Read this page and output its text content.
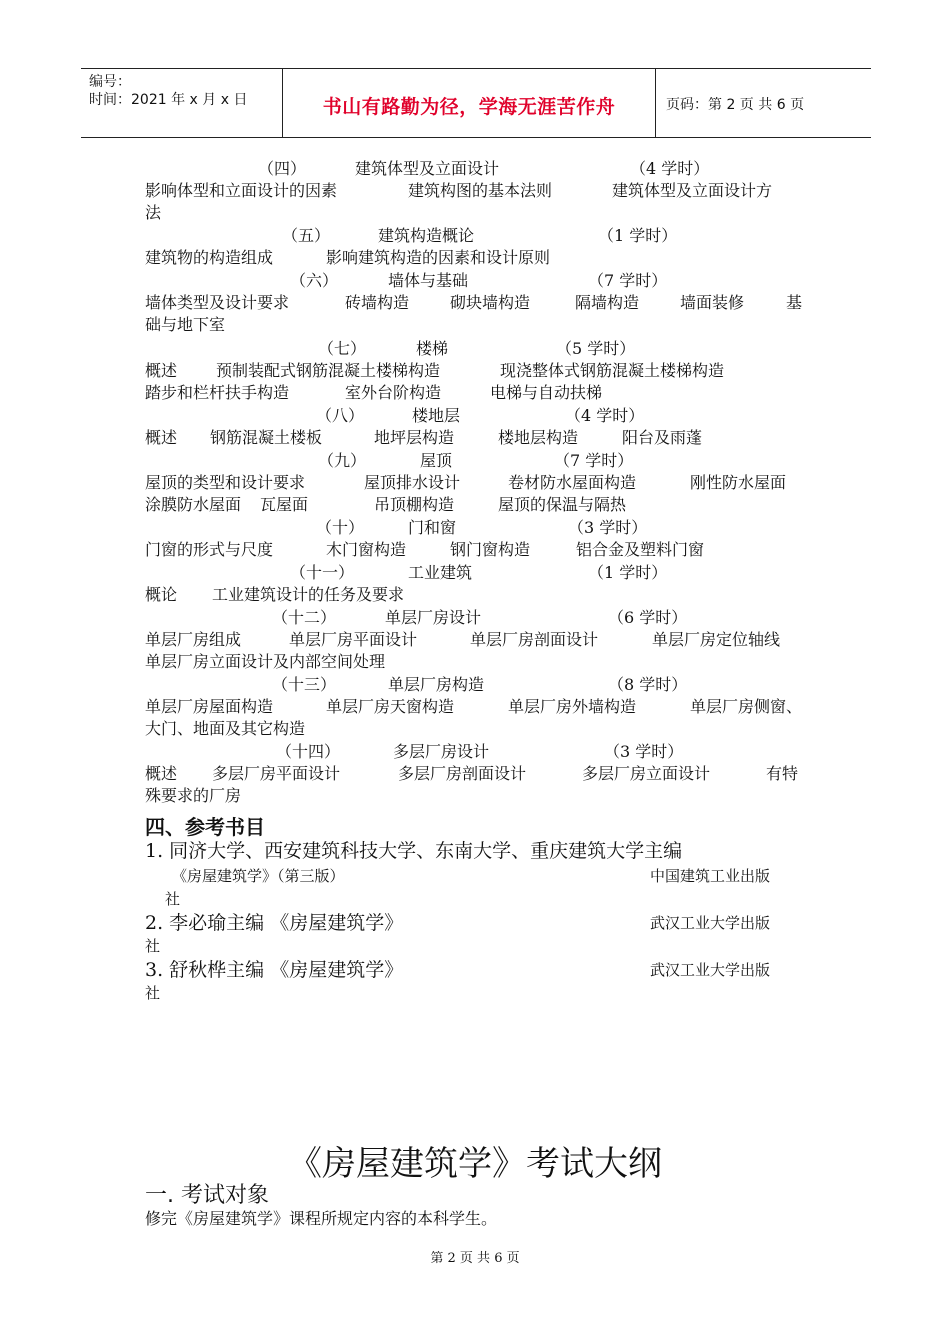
编号：
时间：2021 年 x 月 x 日	书山有路勤为径，学海无涯苦作舟	页码：第 2 页 共 6 页
（四）	建筑体型及立面设计	（4 学时）
影响体型和立面设计的因素	建筑构图的基本法则	建筑体型及立面设计方
法
（五）	建筑构造概论	（1 学时）
建筑物的构造组成	影响建筑构造的因素和设计原则
（六）	墙体与基础	（7 学时）
墙体类型及设计要求	砖墙构造	砌块墙构造	隔墙构造	墙面装修	基
础与地下室
（七）	楼梯	（5 学时）
概述 预制装配式钢筋混凝土楼梯构造	现浇整体式钢筋混凝土楼梯构造
踏步和栏杆扶手构造	室外台阶构造	电梯与自动扶梯
（八）	楼地层	（4 学时）
概述 钢筋混凝土楼板	地坪层构造	楼地层构造	阳台及雨蓬
（九）	屋顶	（7 学时）
屋顶的类型和设计要求	屋顶排水设计	卷材防水屋面构造	刚性防水屋面
涂膜防水屋面 瓦屋面	吊顶棚构造	屋顶的保温与隔热
（十）	门和窗	（3 学时）
门窗的形式与尺度	木门窗构造	钢门窗构造	铝合金及塑料门窗
（十一）	工业建筑	（1 学时）
概论 工业建筑设计的任务及要求
（十二）	单层厂房设计	（6 学时）
单层厂房组成	单层厂房平面设计	单层厂房剖面设计	单层厂房定位轴线
单层厂房立面设计及内部空间处理
（十三）	单层厂房构造	（8 学时）
单层厂房屋面构造	单层厂房天窗构造	单层厂房外墙构造	单层厂房侧窗、
大门、地面及其它构造
（十四）	多层厂房设计	（3 学时）
概述 多层厂房平面设计	多层厂房剖面设计	多层厂房立面设计	有特
殊要求的厂房
四、参考书目
1. 同济大学、西安建筑科技大学、东南大学、重庆建筑大学主编
《房屋建筑学》（第三版）	中国建筑工业出版
社
2. 李必瑜主编 《房屋建筑学》	武汉工业大学出版
社
3. 舒秋桦主编 《房屋建筑学》	武汉工业大学出版
社
《房屋建筑学》考试大纲
一. 考试对象
修完《房屋建筑学》课程所规定内容的本科学生。
第 2 页 共 6 页
